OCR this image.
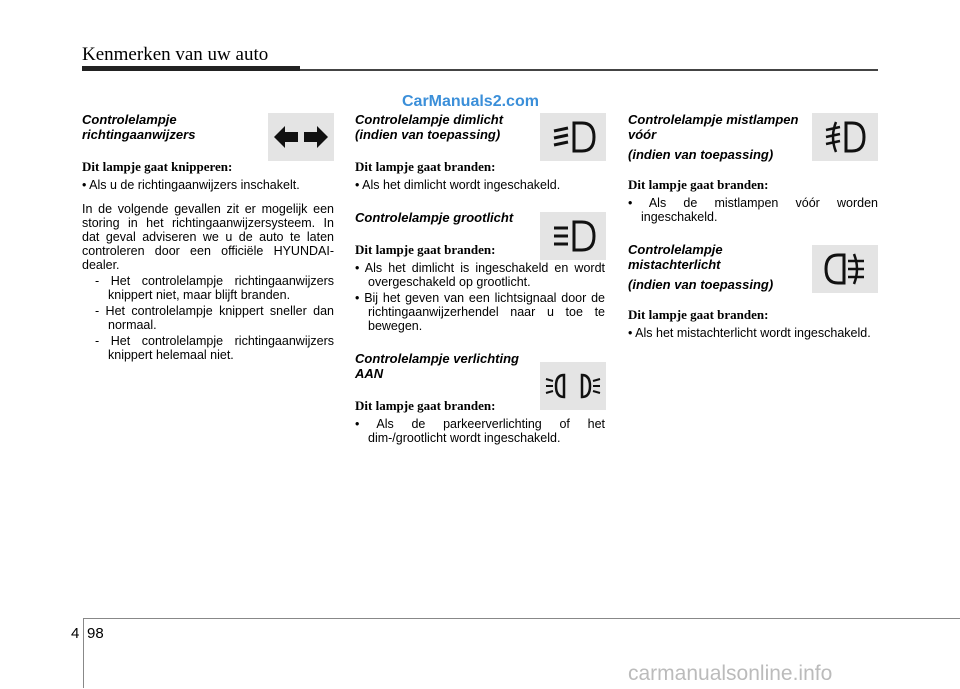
Kenmerken van uw auto
CarManuals2.com
Controlelampje richtingaanwijzers
Dit lampje gaat knipperen:
• Als u de richtingaanwijzers inschakelt.
In de volgende gevallen zit er mogelijk een storing in het richtingaanwijzersysteem. In dat geval adviseren we u de auto te laten controleren door een officiële HYUNDAI-dealer.
- Het controlelampje richtingaanwijzers knippert niet, maar blijft branden.
- Het controlelampje knippert sneller dan normaal.
- Het controlelampje richtingaanwijzers knippert helemaal niet.
Controlelampje dimlicht
(indien van toepassing)
Dit lampje gaat branden:
• Als het dimlicht wordt ingeschakeld.
Controlelampje grootlicht
Dit lampje gaat branden:
• Als het dimlicht is ingeschakeld en wordt overgeschakeld op grootlicht.
• Bij het geven van een lichtsignaal door de richtingaanwijzerhendel naar u toe te bewegen.
Controlelampje verlichting
AAN
Dit lampje gaat branden:
• Als de parkeerverlichting of het dim-/grootlicht wordt ingeschakeld.
Controlelampje mistlampen vóór
(indien van toepassing)
Dit lampje gaat branden:
• Als de mistlampen vóór worden ingeschakeld.
Controlelampje mistachterlicht
(indien van toepassing)
Dit lampje gaat branden:
• Als het mistachterlicht wordt ingeschakeld.
4 98
carmanualsonline.info
